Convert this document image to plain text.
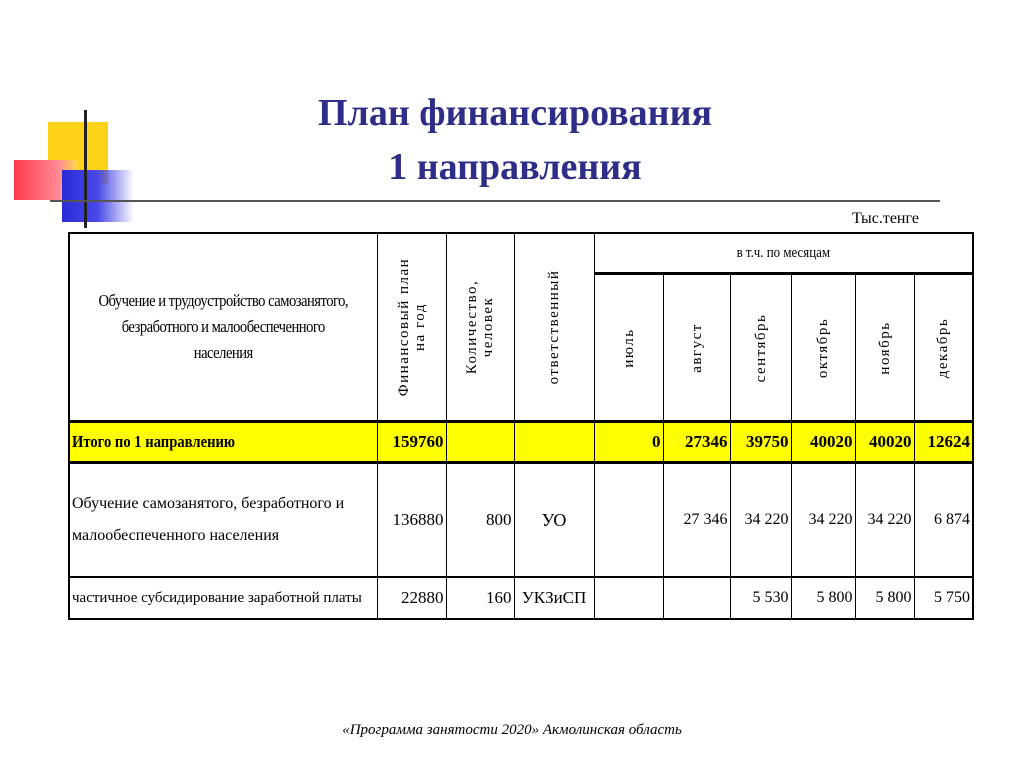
План финансирования
1 направления
Тыс.тенге
Обучение и трудоустройство самозанятого, безработного и малообеспеченного населения	Финансовый план на год	Количество, человек	ответственный	в т.ч. по месяцам					

				июль	август	сентябрь	октябрь	ноябрь	декабрь

Итого по 1 направлению	159760			0	27346	39750	40020	40020	12624
Обучение самозанятого, безработного и малообеспеченного населения	136880	800	УО		27 346	34 220	34 220	34 220	6 874
частичное субсидирование заработной платы	22880	160	УКЗиСП			5 530	5 800	5 800	5 750
«Программа занятости 2020» Акмолинская область
